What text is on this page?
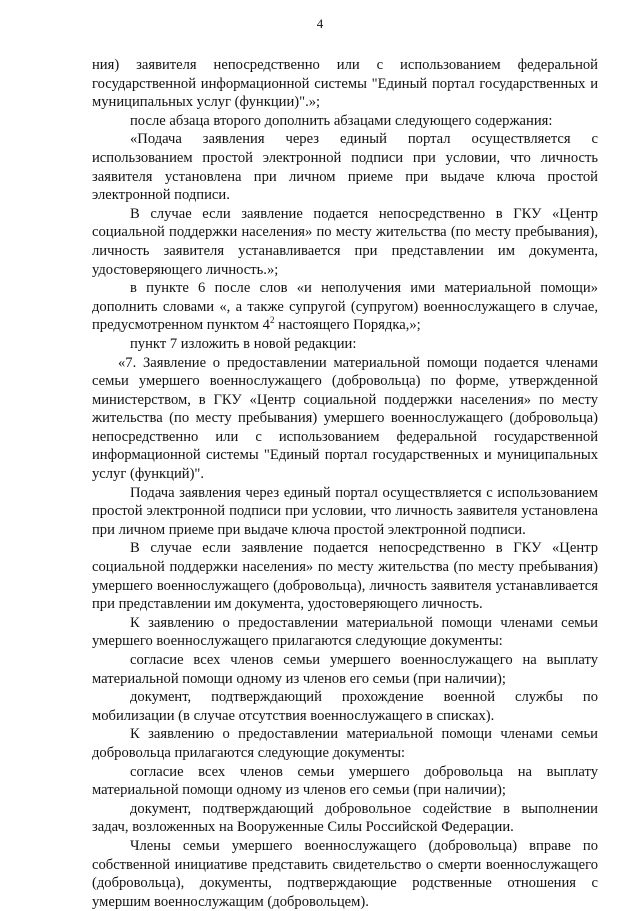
4

ния) заявителя непосредственно или с использованием федеральной государственной информационной системы "Единый портал государственных и муниципальных услуг (функции)".»;

после абзаца второго дополнить абзацами следующего содержания:

«Подача заявления через единый портал осуществляется с использованием простой электронной подписи при условии, что личность заявителя установлена при личном приеме при выдаче ключа простой электронной подписи.

В случае если заявление подается непосредственно в ГКУ «Центр социальной поддержки населения» по месту жительства (по месту пребывания), личность заявителя устанавливается при представлении им документа, удостоверяющего личность.»;

в пункте 6 после слов «и неполучения ими материальной помощи» дополнить словами «, а также супругой (супругом) военнослужащего в случае, предусмотренном пунктом $4^2$ настоящего Порядка,»;

пункт 7 изложить в новой редакции:

«7. Заявление о предоставлении материальной помощи подается членами семьи умершего военнослужащего (добровольца) по форме, утвержденной министерством, в ГКУ «Центр социальной поддержки населения» по месту жительства (по месту пребывания) умершего военнослужащего (добровольца) непосредственно или с использованием федеральной государственной информационной системы "Единый портал государственных и муниципальных услуг (функций)".

Подача заявления через единый портал осуществляется с использованием простой электронной подписи при условии, что личность заявителя установлена при личном приеме при выдаче ключа простой электронной подписи.

В случае если заявление подается непосредственно в ГКУ «Центр социальной поддержки населения» по месту жительства (по месту пребывания) умершего военнослужащего (добровольца), личность заявителя устанавливается при представлении им документа, удостоверяющего личность.

К заявлению о предоставлении материальной помощи членами семьи умершего военнослужащего прилагаются следующие документы:

согласие всех членов семьи умершего военнослужащего на выплату материальной помощи одному из членов его семьи (при наличии);

документ, подтверждающий прохождение военной службы по мобилизации (в случае отсутствия военнослужащего в списках).

К заявлению о предоставлении материальной помощи членами семьи добровольца прилагаются следующие документы:

согласие всех членов семьи умершего добровольца на выплату материальной помощи одному из членов его семьи (при наличии);

документ, подтверждающий добровольное содействие в выполнении задач, возложенных на Вооруженные Силы Российской Федерации.

Члены семьи умершего военнослужащего (добровольца) вправе по собственной инициативе представить свидетельство о смерти военнослужащего (добровольца), документы, подтверждающие родственные отношения с умершим военнослужащим (добровольцем).
